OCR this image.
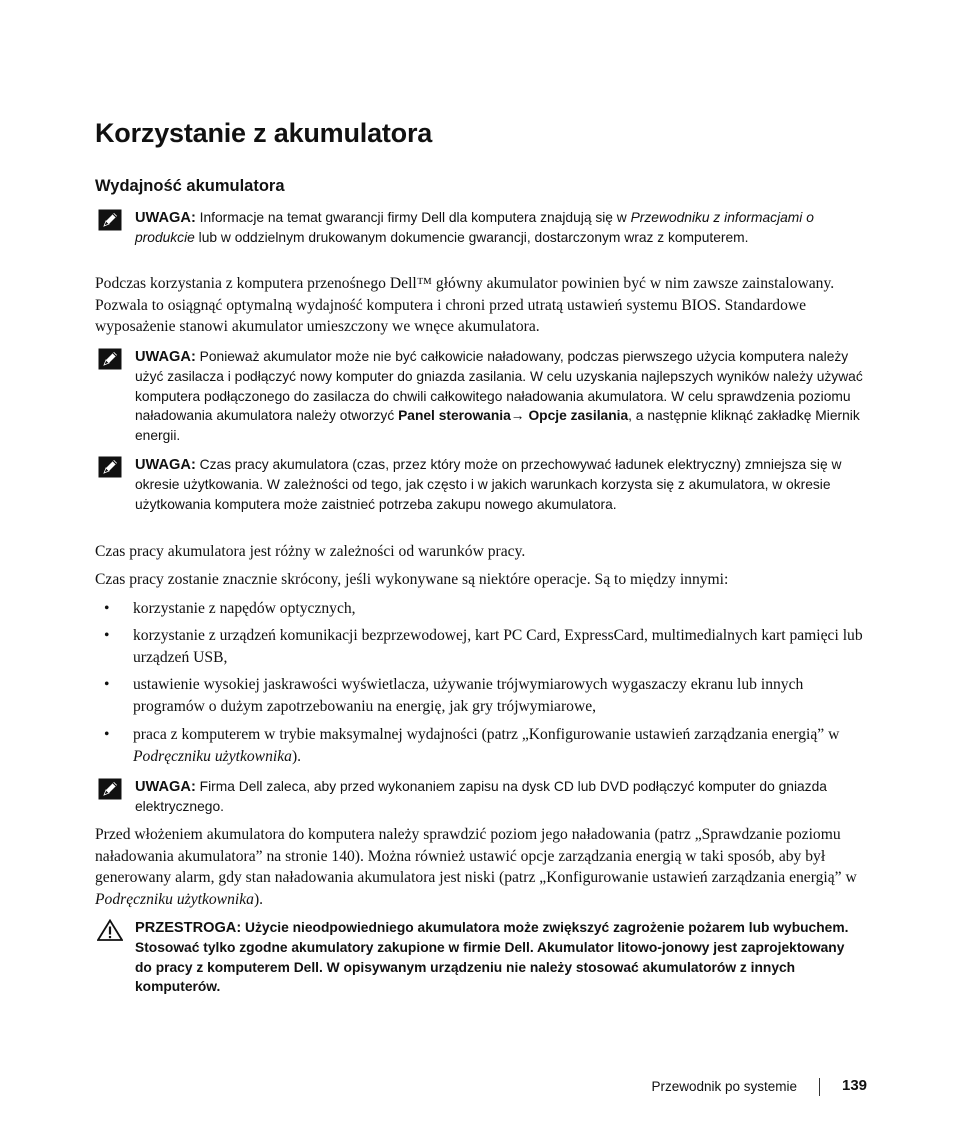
Korzystanie z akumulatora
Wydajność akumulatora
UWAGA: Informacje na temat gwarancji firmy Dell dla komputera znajdują się w Przewodniku z informacjami o produkcie lub w oddzielnym drukowanym dokumencie gwarancji, dostarczonym wraz z komputerem.

Podczas korzystania z komputera przenośnego Dell™ główny akumulator powinien być w nim zawsze zainstalowany. Pozwala to osiągnąć optymalną wydajność komputera i chroni przed utratą ustawień systemu BIOS. Standardowe wyposażenie stanowi akumulator umieszczony we wnęce akumulatora.

UWAGA: Ponieważ akumulator może nie być całkowicie naładowany, podczas pierwszego użycia komputera należy użyć zasilacza i podłączyć nowy komputer do gniazda zasilania. W celu uzyskania najlepszych wyników należy używać komputera podłączonego do zasilacza do chwili całkowitego naładowania akumulatora. W celu sprawdzenia poziomu naładowania akumulatora należy otworzyć Panel sterowania→ Opcje zasilania, a następnie kliknąć zakładkę Miernik energii.
UWAGA: Czas pracy akumulatora (czas, przez który może on przechowywać ładunek elektryczny) zmniejsza się w okresie użytkowania. W zależności od tego, jak często i w jakich warunkach korzysta się z akumulatora, w okresie użytkowania komputera może zaistnieć potrzeba zakupu nowego akumulatora.

Czas pracy akumulatora jest różny w zależności od warunków pracy.

Czas pracy zostanie znacznie skrócony, jeśli wykonywane są niektóre operacje. Są to między innymi:

• korzystanie z napędów optycznych,
• korzystanie z urządzeń komunikacji bezprzewodowej, kart PC Card, ExpressCard, multimedialnych kart pamięci lub urządzeń USB,
• ustawienie wysokiej jaskrawości wyświetlacza, używanie trójwymiarowych wygaszaczy ekranu lub innych programów o dużym zapotrzebowaniu na energię, jak gry trójwymiarowe,
• praca z komputerem w trybie maksymalnej wydajności (patrz „Konfigurowanie ustawień zarządzania energią” w Podręczniku użytkownika).
UWAGA: Firma Dell zaleca, aby przed wykonaniem zapisu na dysk CD lub DVD podłączyć komputer do gniazda elektrycznego.

Przed włożeniem akumulatora do komputera należy sprawdzić poziom jego naładowania (patrz „Sprawdzanie poziomu naładowania akumulatora” na stronie 140). Można również ustawić opcje zarządzania energią w taki sposób, aby był generowany alarm, gdy stan naładowania akumulatora jest niski (patrz „Konfigurowanie ustawień zarządzania energią” w Podręczniku użytkownika).

PRZESTROGA: Użycie nieodpowiedniego akumulatora może zwiększyć zagrożenie pożarem lub wybuchem. Stosować tylko zgodne akumulatory zakupione w firmie Dell. Akumulator litowo-jonowy jest zaprojektowany do pracy z komputerem Dell. W opisywanym urządzeniu nie należy stosować akumulatorów z innych komputerów.
Przewodnik po systemie	139
